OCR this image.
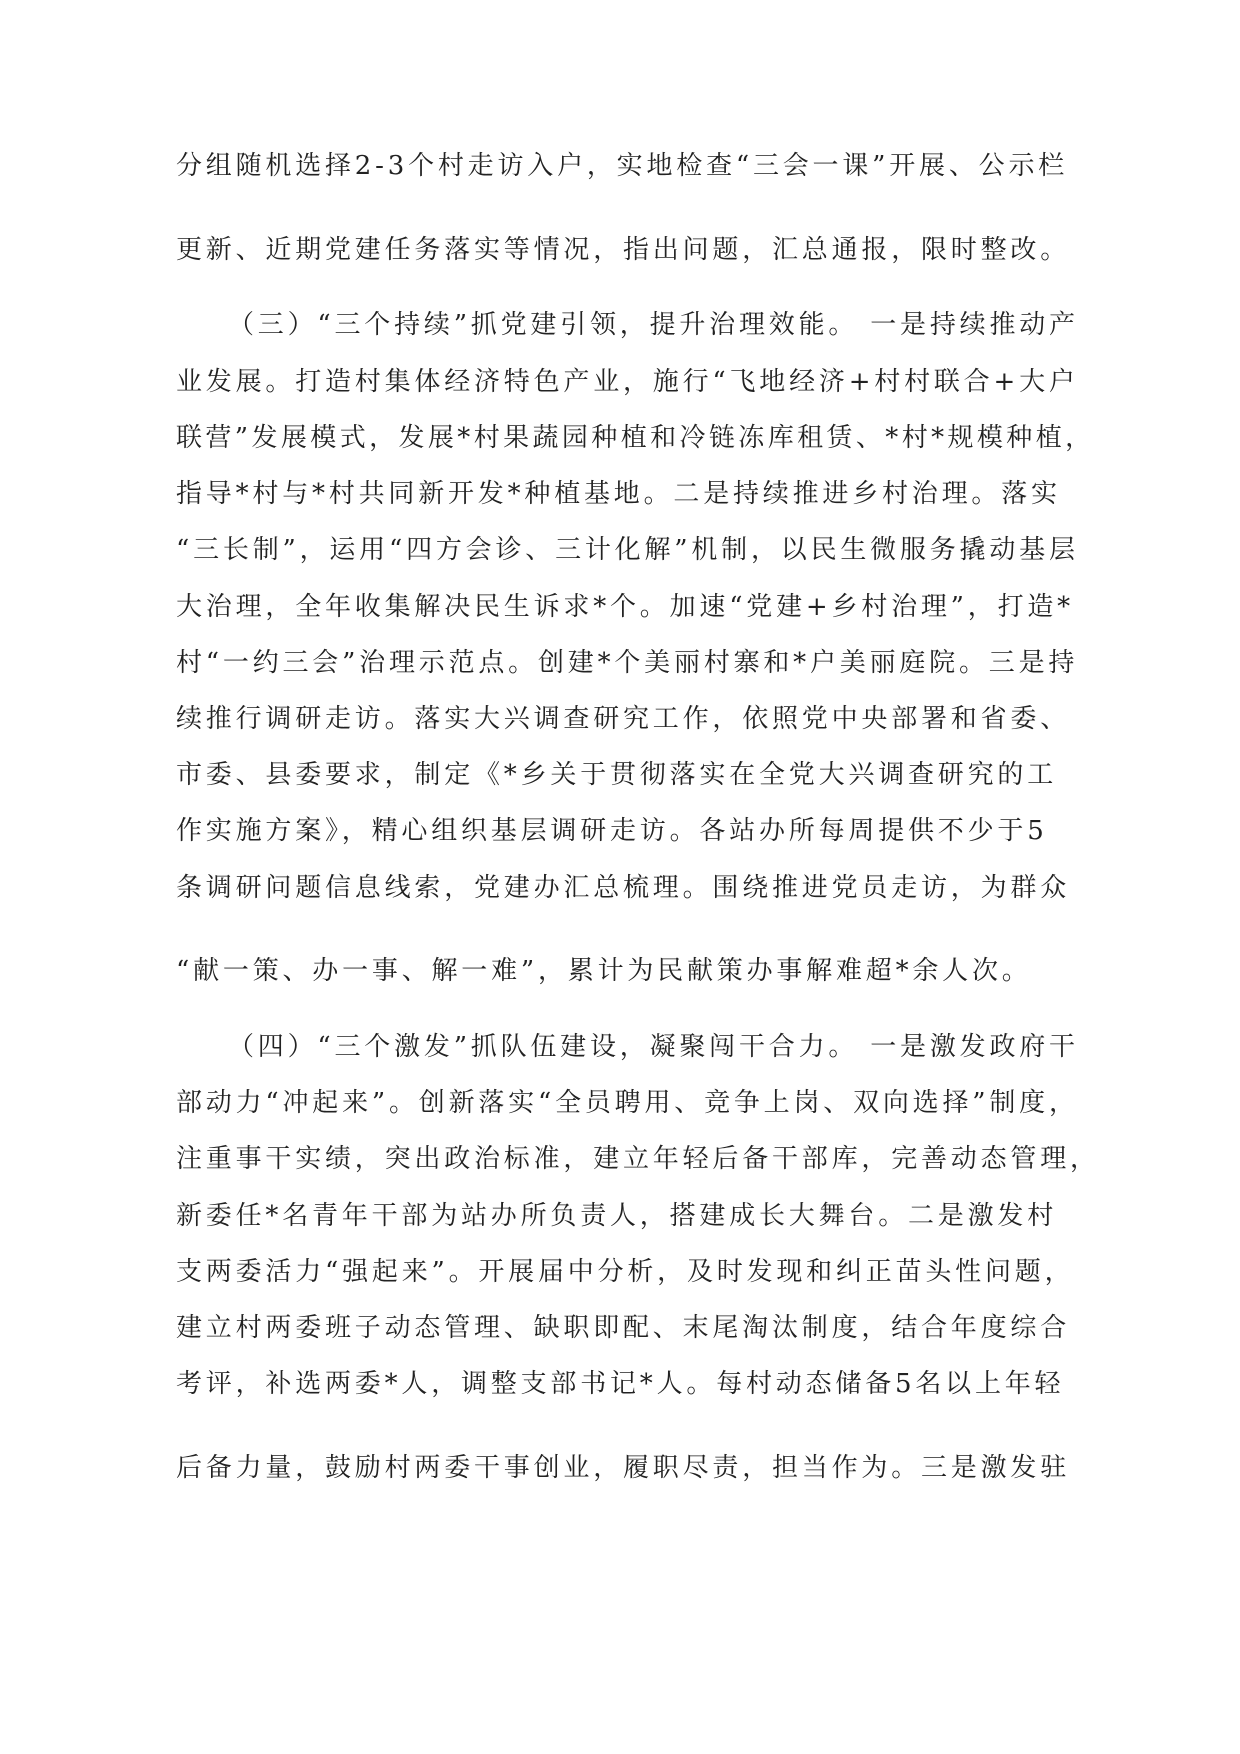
分组随机选择2-3个村走访入户，实地检查“三会一课”开展、公示栏
更新、近期党建任务落实等情况，指出问题，汇总通报，限时整改。
（三）“三个持续”抓党建引领，提升治理效能。 一是持续推动产
业发展。打造村集体经济特色产业，施行“飞地经济+村村联合+大户
联营”发展模式，发展*村果蔬园种植和冷链冻库租赁、*村*规模种植，
指导*村与*村共同新开发*种植基地。二是持续推进乡村治理。落实
“三长制”，运用“四方会诊、三计化解”机制，以民生微服务撬动基层
大治理，全年收集解决民生诉求*个。加速“党建+乡村治理”，打造*
村“一约三会”治理示范点。创建*个美丽村寨和*户美丽庭院。三是持
续推行调研走访。落实大兴调查研究工作，依照党中央部署和省委、
市委、县委要求，制定《*乡关于贯彻落实在全党大兴调查研究的工
作实施方案》，精心组织基层调研走访。各站办所每周提供不少于5
条调研问题信息线索，党建办汇总梳理。围绕推进党员走访，为群众
“献一策、办一事、解一难”，累计为民献策办事解难超*余人次。
（四）“三个激发”抓队伍建设，凝聚闯干合力。 一是激发政府干
部动力“冲起来”。创新落实“全员聘用、竞争上岗、双向选择”制度，
注重事干实绩，突出政治标准，建立年轻后备干部库，完善动态管理，
新委任*名青年干部为站办所负责人，搭建成长大舞台。二是激发村
支两委活力“强起来”。开展届中分析，及时发现和纠正苗头性问题，
建立村两委班子动态管理、缺职即配、末尾淘汰制度，结合年度综合
考评，补选两委*人，调整支部书记*人。每村动态储备5名以上年轻
后备力量，鼓励村两委干事创业，履职尽责，担当作为。三是激发驻
